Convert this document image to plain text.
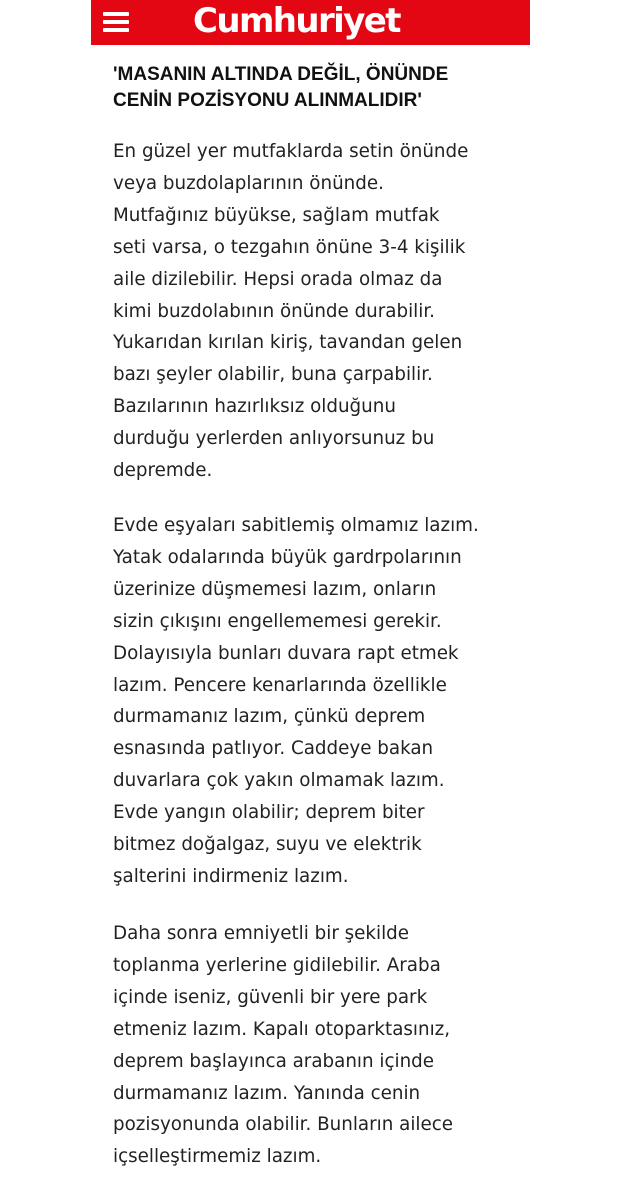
Cumhuriyet
'MASANIN ALTINDA DEĞİL, ÖNÜNDE
CENİN POZİSYONU ALINMALIDIR'

En güzel yer mutfaklarda setin önünde
veya buzdolaplarının önünde.
Mutfağınız büyükse, sağlam mutfak
seti varsa, o tezgahın önüne 3-4 kişilik
aile dizilebilir. Hepsi orada olmaz da
kimi buzdolabının önünde durabilir.
Yukarıdan kırılan kiriş, tavandan gelen
bazı şeyler olabilir, buna çarpabilir.
Bazılarının hazırlıksız olduğunu
durduğu yerlerden anlıyorsunuz bu
depremde.

Evde eşyaları sabitlemiş olmamız lazım.
Yatak odalarında büyük gardrpolarının
üzerinize düşmemesi lazım, onların
sizin çıkışını engellememesi gerekir.
Dolayısıyla bunları duvara rapt etmek
lazım. Pencere kenarlarında özellikle
durmamanız lazım, çünkü deprem
esnasında patlıyor. Caddeye bakan
duvarlara çok yakın olmamak lazım.
Evde yangın olabilir; deprem biter
bitmez doğalgaz, suyu ve elektrik
şalterini indirmeniz lazım.

Daha sonra emniyetli bir şekilde
toplanma yerlerine gidilebilir. Araba
içinde iseniz, güvenli bir yere park
etmeniz lazım. Kapalı otoparktasınız,
deprem başlayınca arabanın içinde
durmamanız lazım. Yanında cenin
pozisyonunda olabilir. Bunların ailece
içselleştirmemiz lazım.
